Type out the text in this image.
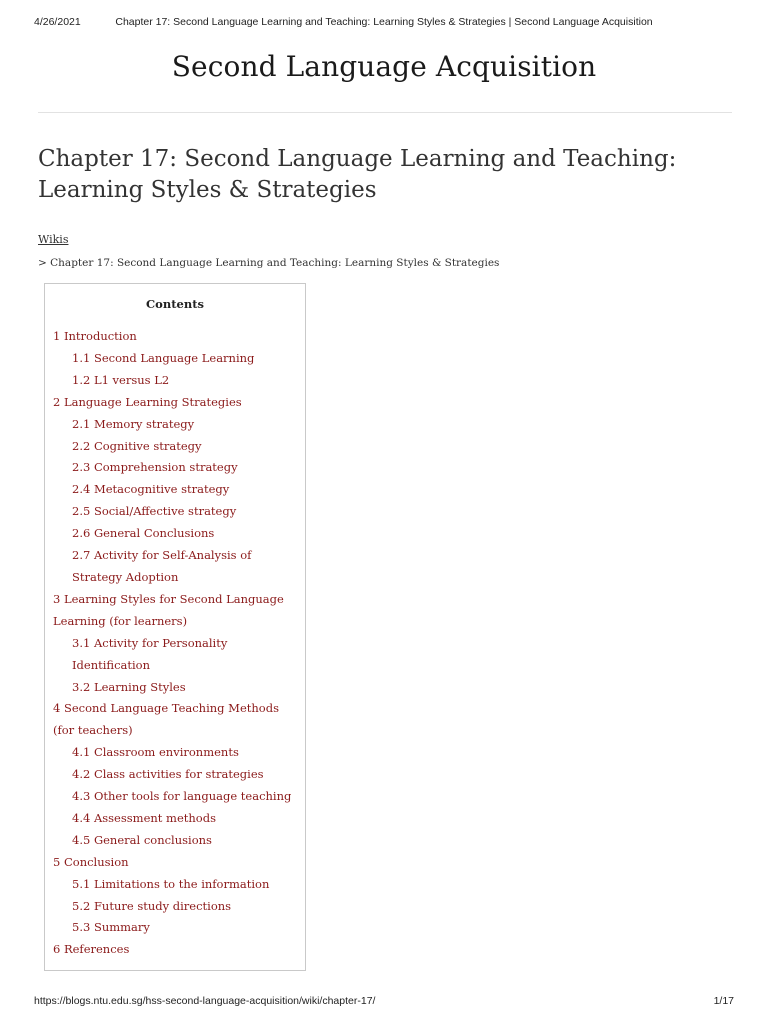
4/26/2021	Chapter 17: Second Language Learning and Teaching: Learning Styles & Strategies | Second Language Acquisition
Second Language Acquisition
Chapter 17: Second Language Learning and Teaching: Learning Styles & Strategies
Wikis
> Chapter 17: Second Language Learning and Teaching: Learning Styles & Strategies
Contents
1 Introduction
1.1 Second Language Learning
1.2 L1 versus L2
2 Language Learning Strategies
2.1 Memory strategy
2.2 Cognitive strategy
2.3 Comprehension strategy
2.4 Metacognitive strategy
2.5 Social/Affective strategy
2.6 General Conclusions
2.7 Activity for Self-Analysis of Strategy Adoption
3 Learning Styles for Second Language Learning (for learners)
3.1 Activity for Personality Identification
3.2 Learning Styles
4 Second Language Teaching Methods (for teachers)
4.1 Classroom environments
4.2 Class activities for strategies
4.3 Other tools for language teaching
4.4 Assessment methods
4.5 General conclusions
5 Conclusion
5.1 Limitations to the information
5.2 Future study directions
5.3 Summary
6 References
https://blogs.ntu.edu.sg/hss-second-language-acquisition/wiki/chapter-17/	1/17
